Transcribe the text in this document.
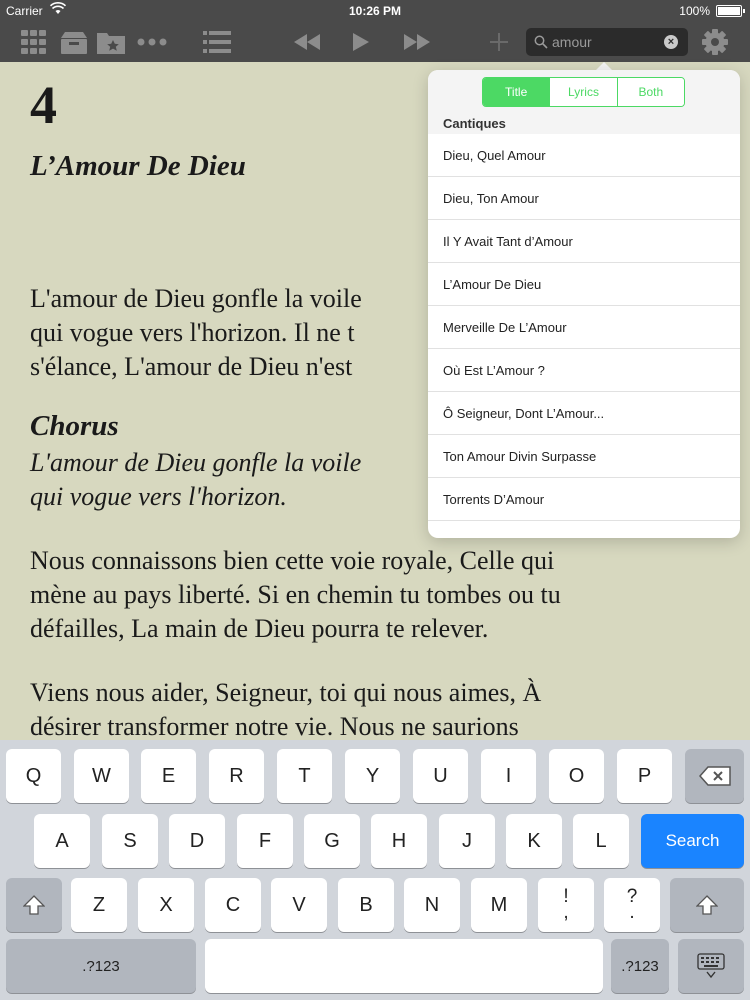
Carrier	10:26 PM	100%
amour
×
4
L’Amour De Dieu
L'amour de Dieu gonfle la voile
qui vogue vers l'horizon. Il ne t
s'élance, L'amour de Dieu n'est
Chorus
L'amour de Dieu gonfle la voile
qui vogue vers l'horizon.
Nous connaissons bien cette voie royale, Celle qui
mène au pays liberté. Si en chemin tu tombes ou tu
défailles, La main de Dieu pourra te relever.
Viens nous aider, Seigneur, toi qui nous aimes, À
désirer transformer notre vie. Nous ne saurions
Title	Lyrics	Both
Cantiques
Dieu, Quel Amour
Dieu, Ton Amour
Il Y Avait Tant d’Amour
L’Amour De Dieu
Merveille De L’Amour
Où Est L’Amour ?
Ô Seigneur, Dont L’Amour...
Ton Amour Divin Surpasse
Torrents D’Amour
Q	W	E	R	T	Y	U	I	O	P
A	S	D	F	G	H	J	K	L	Search
Z	X	C	V	B	N	M	!
,
?
.
.?123	.?123
